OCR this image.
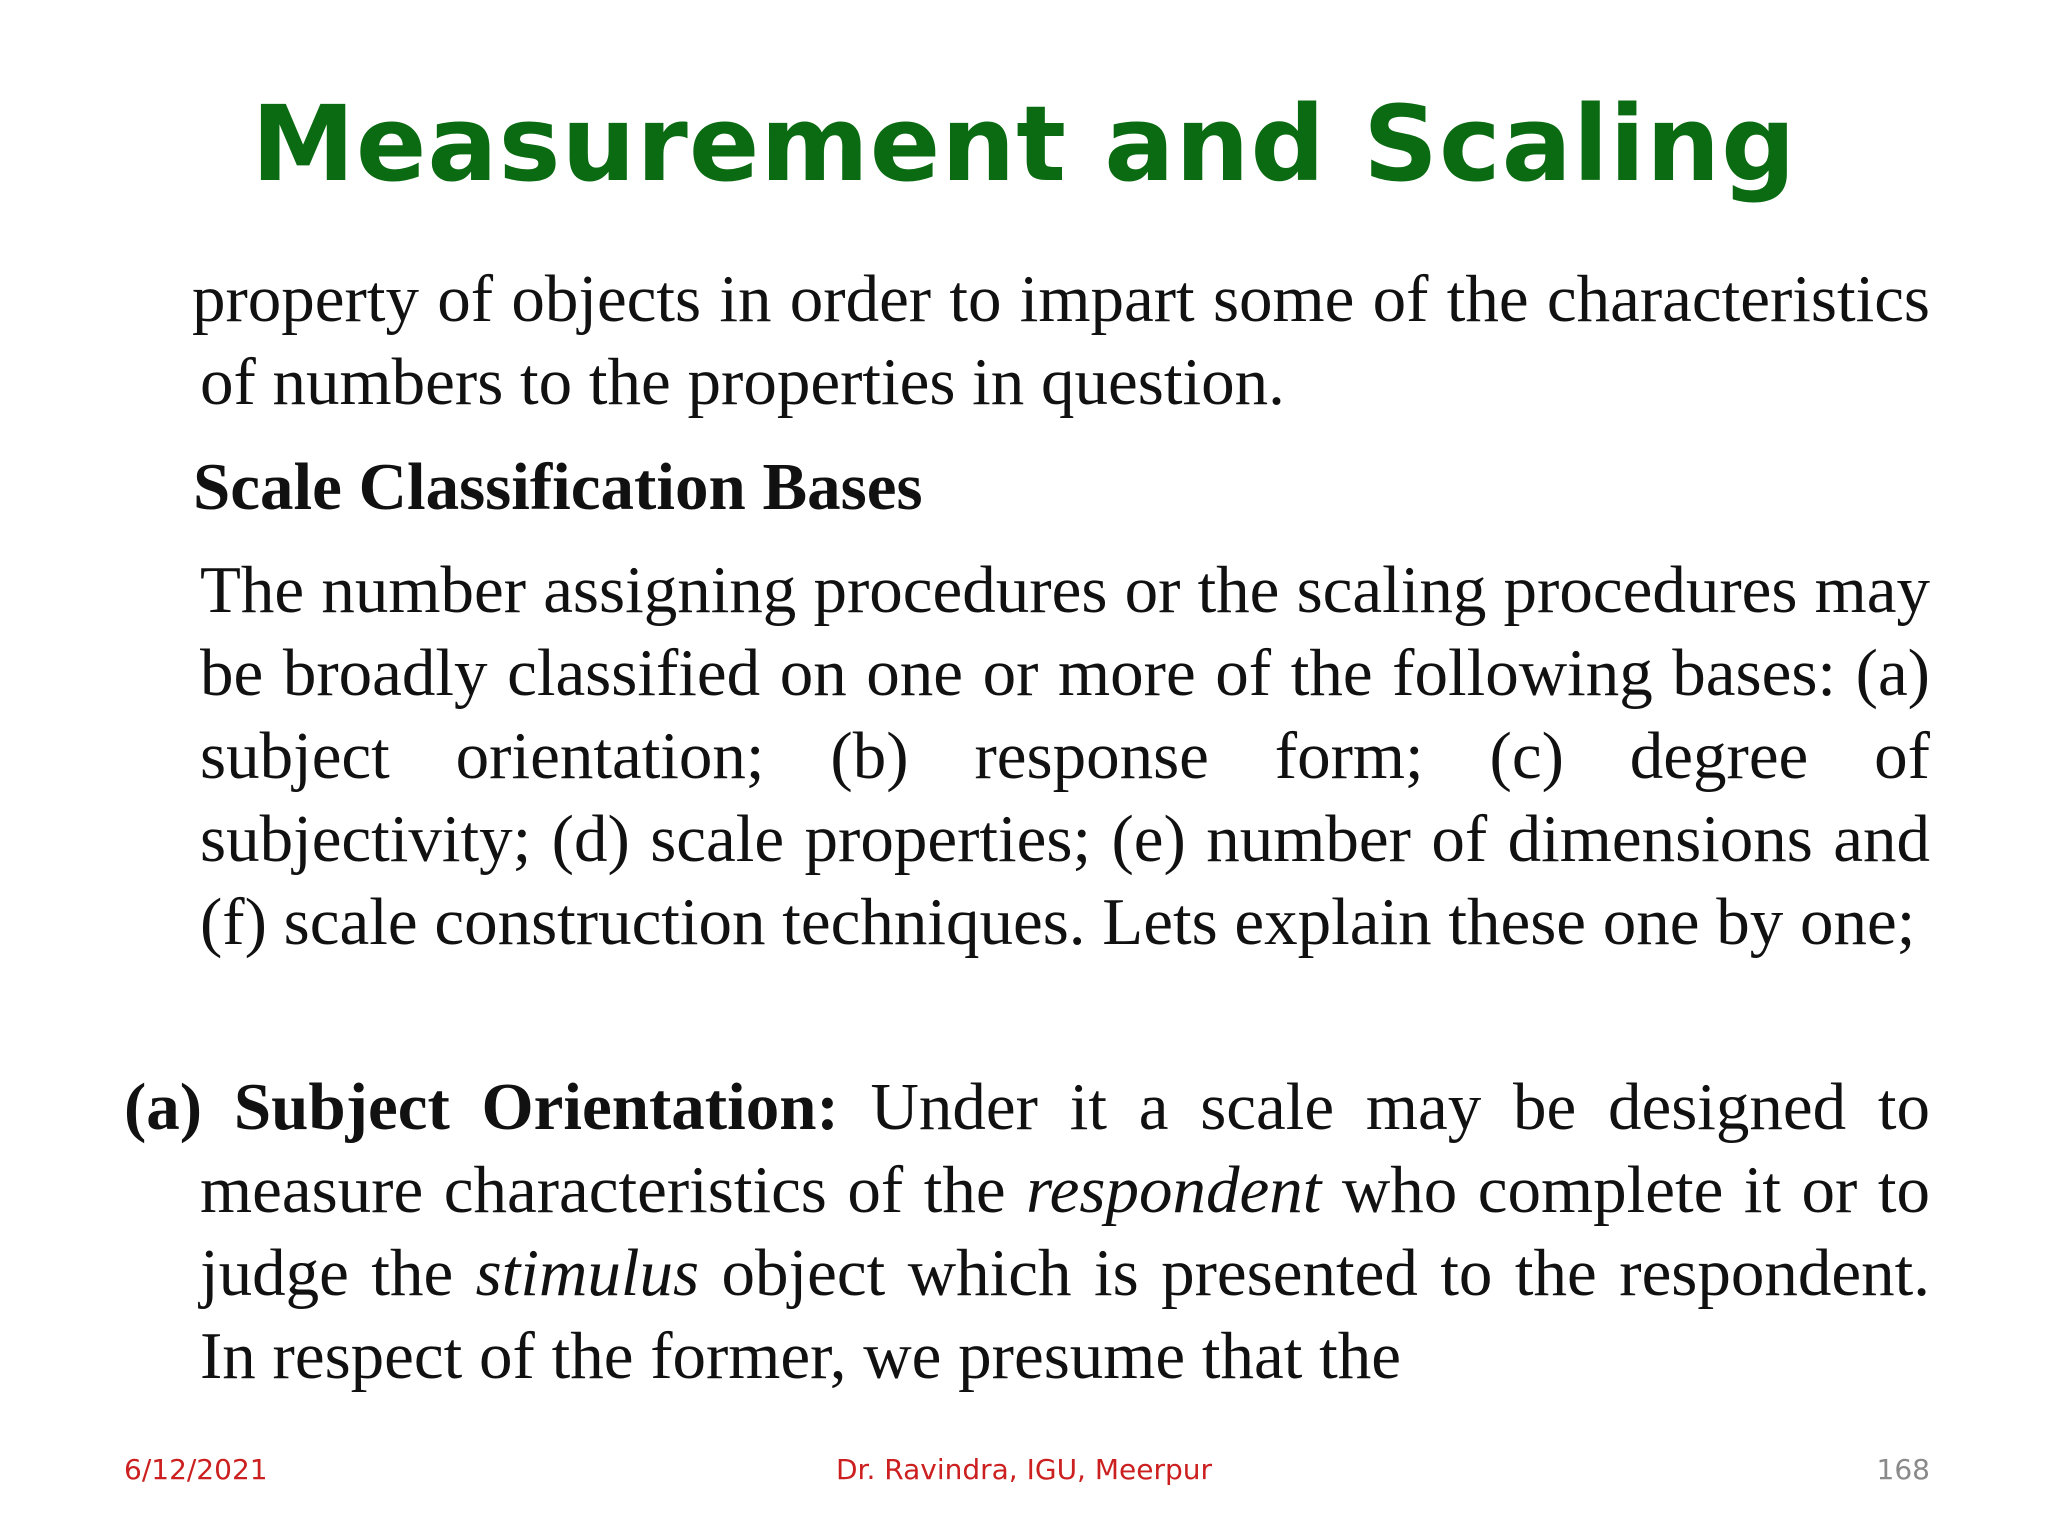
Measurement and Scaling
property of objects in order to impart some of the characteristics of numbers to the properties in question.
Scale Classification Bases
The number assigning procedures or the scaling procedures may be broadly classified on one or more of the following bases: (a) subject orientation; (b) response form; (c) degree of subjectivity; (d) scale properties; (e) number of dimensions and (f) scale construction techniques. Lets explain these one by one;
(a) Subject Orientation: Under it a scale may be designed to measure characteristics of the respondent who complete it or to judge the stimulus object which is presented to the respondent. In respect of the former, we presume that the
6/12/2021	Dr. Ravindra, IGU, Meerpur	168
